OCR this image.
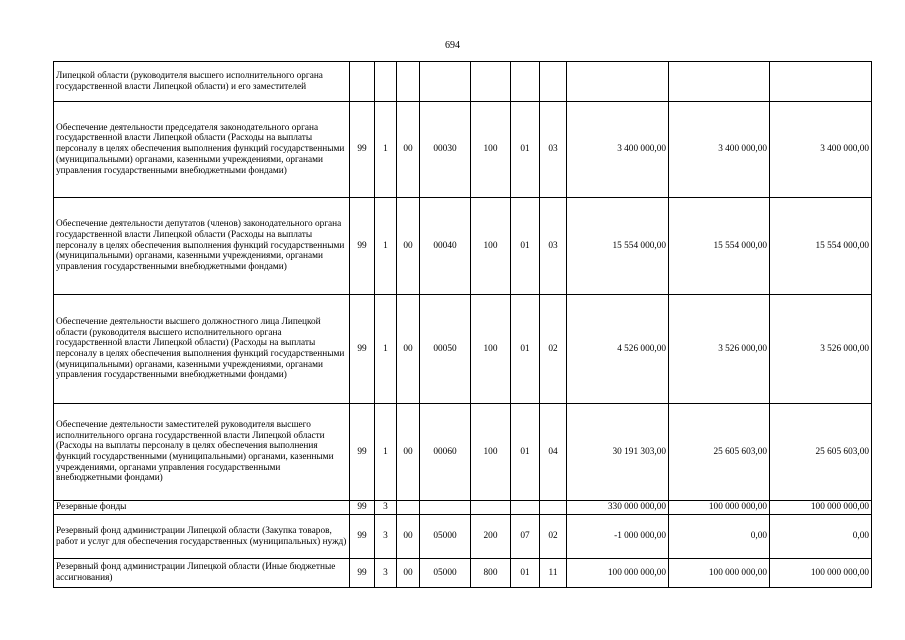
694
Липецкой области (руководителя высшего исполнительного органа государственной власти Липецкой области) и его заместителей										
Обеспечение деятельности председателя законодательного органа государственной власти Липецкой области (Расходы на выплаты персоналу в целях обеспечения выполнения функций государственными (муниципальными) органами, казенными учреждениями, органами управления государственными внебюджетными фондами)	99	1	00	00030	100	01	03	3 400 000,00	3 400 000,00	3 400 000,00
Обеспечение деятельности депутатов (членов) законодательного органа государственной власти Липецкой области (Расходы на выплаты персоналу в целях обеспечения выполнения функций государственными (муниципальными) органами, казенными учреждениями, органами управления государственными внебюджетными фондами)	99	1	00	00040	100	01	03	15 554 000,00	15 554 000,00	15 554 000,00
Обеспечение деятельности высшего должностного лица Липецкой области (руководителя высшего исполнительного органа государственной власти Липецкой области) (Расходы на выплаты персоналу в целях обеспечения выполнения функций государственными (муниципальными) органами, казенными учреждениями, органами управления государственными внебюджетными фондами)	99	1	00	00050	100	01	02	4 526 000,00	3 526 000,00	3 526 000,00
Обеспечение деятельности заместителей руководителя высшего исполнительного органа государственной власти Липецкой области (Расходы на выплаты персоналу в целях обеспечения выполнения функций государственными (муниципальными) органами, казенными учреждениями, органами управления государственными внебюджетными фондами)	99	1	00	00060	100	01	04	30 191 303,00	25 605 603,00	25 605 603,00
Резервные фонды	99	3						330 000 000,00	100 000 000,00	100 000 000,00
Резервный фонд администрации Липецкой области (Закупка товаров, работ и услуг для обеспечения государственных (муниципальных) нужд)	99	3	00	05000	200	07	02	-1 000 000,00	0,00	0,00
Резервный фонд администрации Липецкой области (Иные бюджетные ассигнования)	99	3	00	05000	800	01	11	100 000 000,00	100 000 000,00	100 000 000,00
